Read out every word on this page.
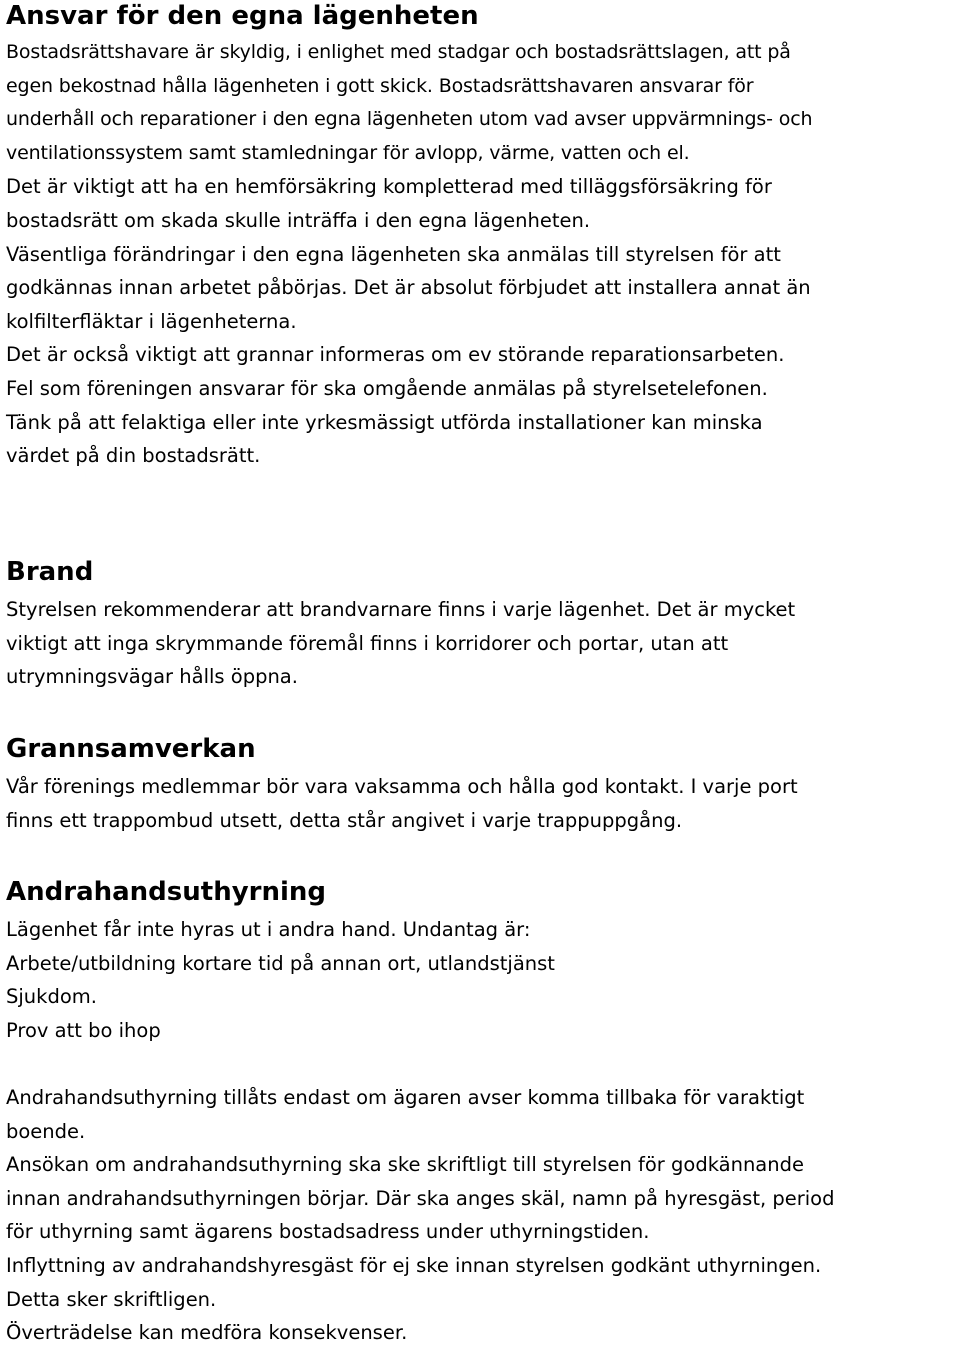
Ansvar för den egna lägenheten

Bostadsrättshavare är skyldig, i enlighet med stadgar och bostadsrättslagen, att på

egen bekostnad hålla lägenheten i gott skick. Bostadsrättshavaren ansvarar för

underhåll och reparationer i den egna lägenheten utom vad avser uppvärmnings- och

ventilationssystem samt stamledningar för avlopp, värme, vatten och el.

Det är viktigt att ha en hemförsäkring kompletterad med tilläggsförsäkring för

bostadsrätt om skada skulle inträffa i den egna lägenheten.

Väsentliga förändringar i den egna lägenheten ska anmälas till styrelsen för att

godkännas innan arbetet påbörjas. Det är absolut förbjudet att installera annat än

kolfilterfläktar i lägenheterna.

Det är också viktigt att grannar informeras om ev störande reparationsarbeten.

Fel som föreningen ansvarar för ska omgående anmälas på styrelsetelefonen.

Tänk på att felaktiga eller inte yrkesmässigt utförda installationer kan minska

värdet på din bostadsrätt.

Brand

Styrelsen rekommenderar att brandvarnare finns i varje lägenhet. Det är mycket

viktigt att inga skrymmande föremål finns i korridorer och portar, utan att

utrymningsvägar hålls öppna.

Grannsamverkan

Vår förenings medlemmar bör vara vaksamma och hålla god kontakt. I varje port

finns ett trappombud utsett, detta står angivet i varje trappuppgång.

Andrahandsuthyrning

Lägenhet får inte hyras ut i andra hand. Undantag är:

Arbete/utbildning kortare tid på annan ort, utlandstjänst

Sjukdom.

Prov att bo ihop

Andrahandsuthyrning tillåts endast om ägaren avser komma tillbaka för varaktigt

boende.

Ansökan om andrahandsuthyrning ska ske skriftligt till styrelsen för godkännande

innan andrahandsuthyrningen börjar. Där ska anges skäl, namn på hyresgäst, period

för uthyrning samt ägarens bostadsadress under uthyrningstiden.

Inflyttning av andrahandshyresgäst för ej ske innan styrelsen godkänt uthyrningen.

Detta sker skriftligen.

Överträdelse kan medföra konsekvenser.
